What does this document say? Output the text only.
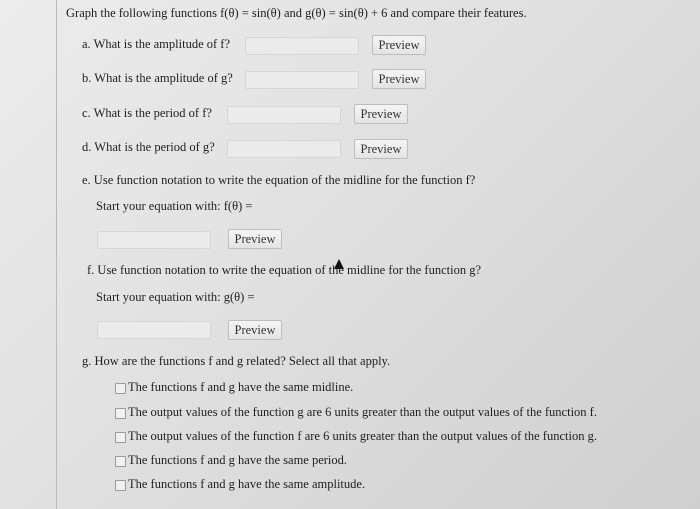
Graph the following functions f(θ) = sin(θ) and g(θ) = sin(θ) + 6 and compare their features.
a. What is the amplitude of f?	Preview
b. What is the amplitude of g?	Preview
c. What is the period of f?	Preview
d. What is the period of g?	Preview
e. Use function notation to write the equation of the midline for the function f?
Start your equation with: f(θ) =
Preview
f. Use function notation to write the equation of the midline for the function g?
Start your equation with: g(θ) =
Preview
g. How are the functions f and g related? Select all that apply.
The functions f and g have the same midline.
The output values of the function g are 6 units greater than the output values of the function f.
The output values of the function f are 6 units greater than the output values of the function g.
The functions f and g have the same period.
The functions f and g have the same amplitude.
